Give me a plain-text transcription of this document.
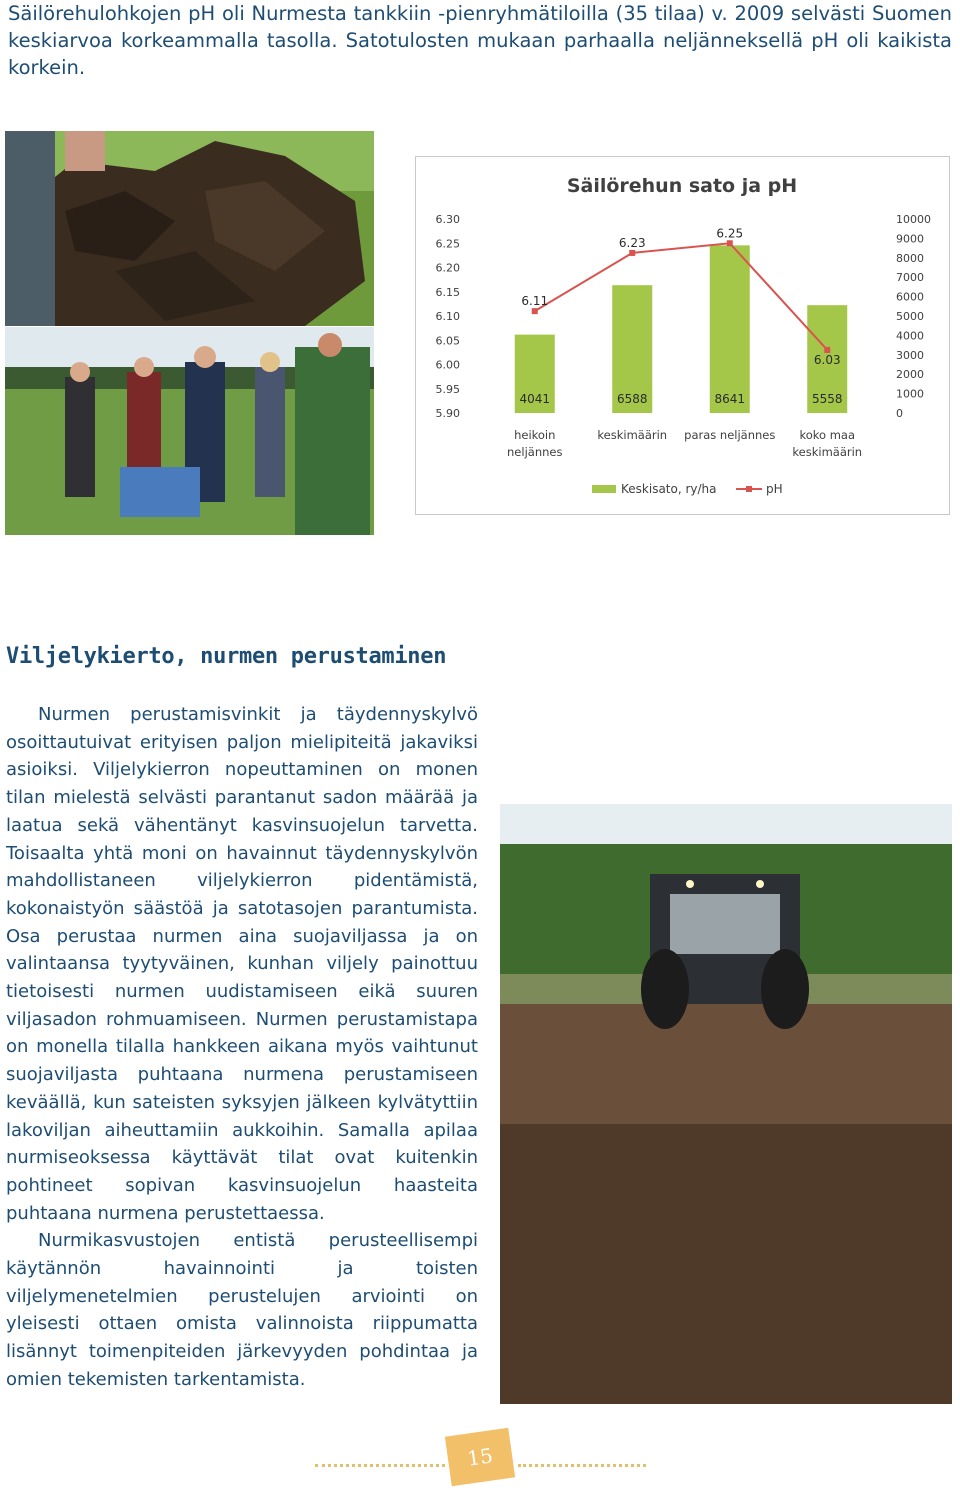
Säilörehulohkojen pH oli Nurmesta tankkiin -pienryhmätiloilla (35 tilaa) v. 2009 selvästi Suomen keskiarvoa korkeammalla tasolla. Satotulosten mukaan parhaalla neljänneksellä pH oli kaikista korkein.

Säilörehun sato ja pH
6.30
6.25
6.20
6.15
6.10
6.05
6.00
5.95
5.90
10000
9000
8000
7000
6000
5000
4000
3000
2000
1000
0
4041
heikoin
neljännes
6588
keskimäärin
8641
paras neljännes
5558
koko maa
keskimäärin
6.11
6.23
6.25
6.03
Keskisato, ry/ha	pH
Viljelykierto, nurmen perustaminen

Nurmen perustamisvinkit ja täydennyskylvö osoittautuivat erityisen paljon mielipiteitä jakaviksi asioiksi. Viljelykierron nopeuttaminen on monen tilan mielestä selvästi parantanut sadon määrää ja laatua sekä vähentänyt kasvinsuojelun tarvetta. Toisaalta yhtä moni on havainnut täydennyskylvön mahdollistaneen viljelykierron pidentämistä, kokonaistyön säästöä ja satotasojen parantumista. Osa perustaa nurmen aina suojaviljassa ja on valintaansa tyytyväinen, kunhan viljely painottuu tietoisesti nurmen uudistamiseen eikä suuren viljasadon rohmuamiseen. Nurmen perustamistapa on monella tilalla hankkeen aikana myös vaihtunut suojaviljasta puhtaana nurmena perustamiseen keväällä, kun sateisten syksyjen jälkeen kylvätyttiin lakoviljan aiheuttamiin aukkoihin. Samalla apilaa nurmiseoksessa käyttävät tilat ovat kuitenkin pohtineet sopivan kasvinsuojelun haasteita puhtaana nurmena perustettaessa.

Nurmikasvustojen entistä perusteellisempi käytännön havainnointi ja toisten viljelymenetelmien perustelujen arviointi on yleisesti ottaen omista valinnoista riippumatta lisännyt toimenpiteiden järkevyyden pohdintaa ja omien tekemisten tarkentamista.

15
